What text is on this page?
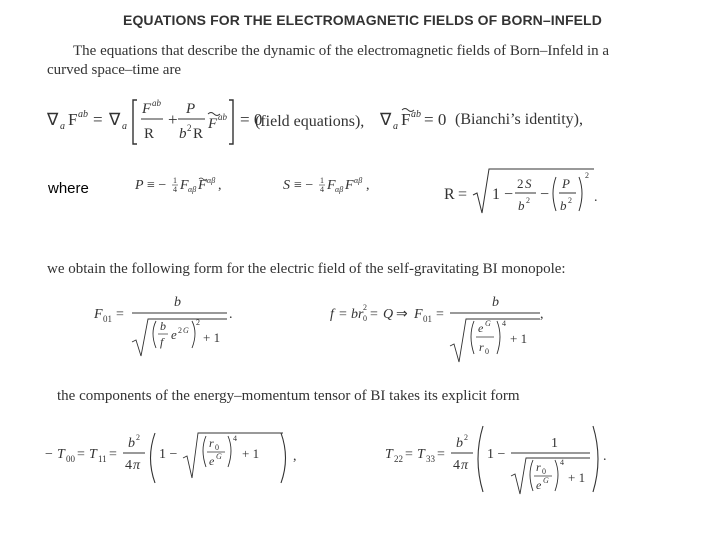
EQUATIONS FOR THE ELECTROMAGNETIC FIELDS OF BORN–INFELD
The equations that describe the dynamic of the electromagnetic fields of Born–Infeld in a
curved space–time are
∇ a F ab = ∇ a
F ab
R
+
P
b 2 R
F ab = 0
(field equations), ∇ a F ab = 0 (Bianchi’s identity),
where	P ≡ − 1
4 F αβ F αβ ,	S ≡ − 1
4 F αβ F αβ ,
R = 1 −
2 S
b 2 −
P
b 2
2
.
we obtain the following form for the electric field of the self-gravitating BI monopole:
F 01 =
b
b
f e 2 G
2
+ 1
.	f = br 2
0 = Q ⇒ F 01 =
b
e G
r 0
4
+ 1
,
the components of the energy–momentum tensor of BI takes its explicit form
− T 00 = T 11 =
b 2
4 π
1 −
r 0
e G
4
+ 1 ,	T 22 = T 33 =
b 2
4 π
1 −
1
r 0
e G
4
+ 1
.
